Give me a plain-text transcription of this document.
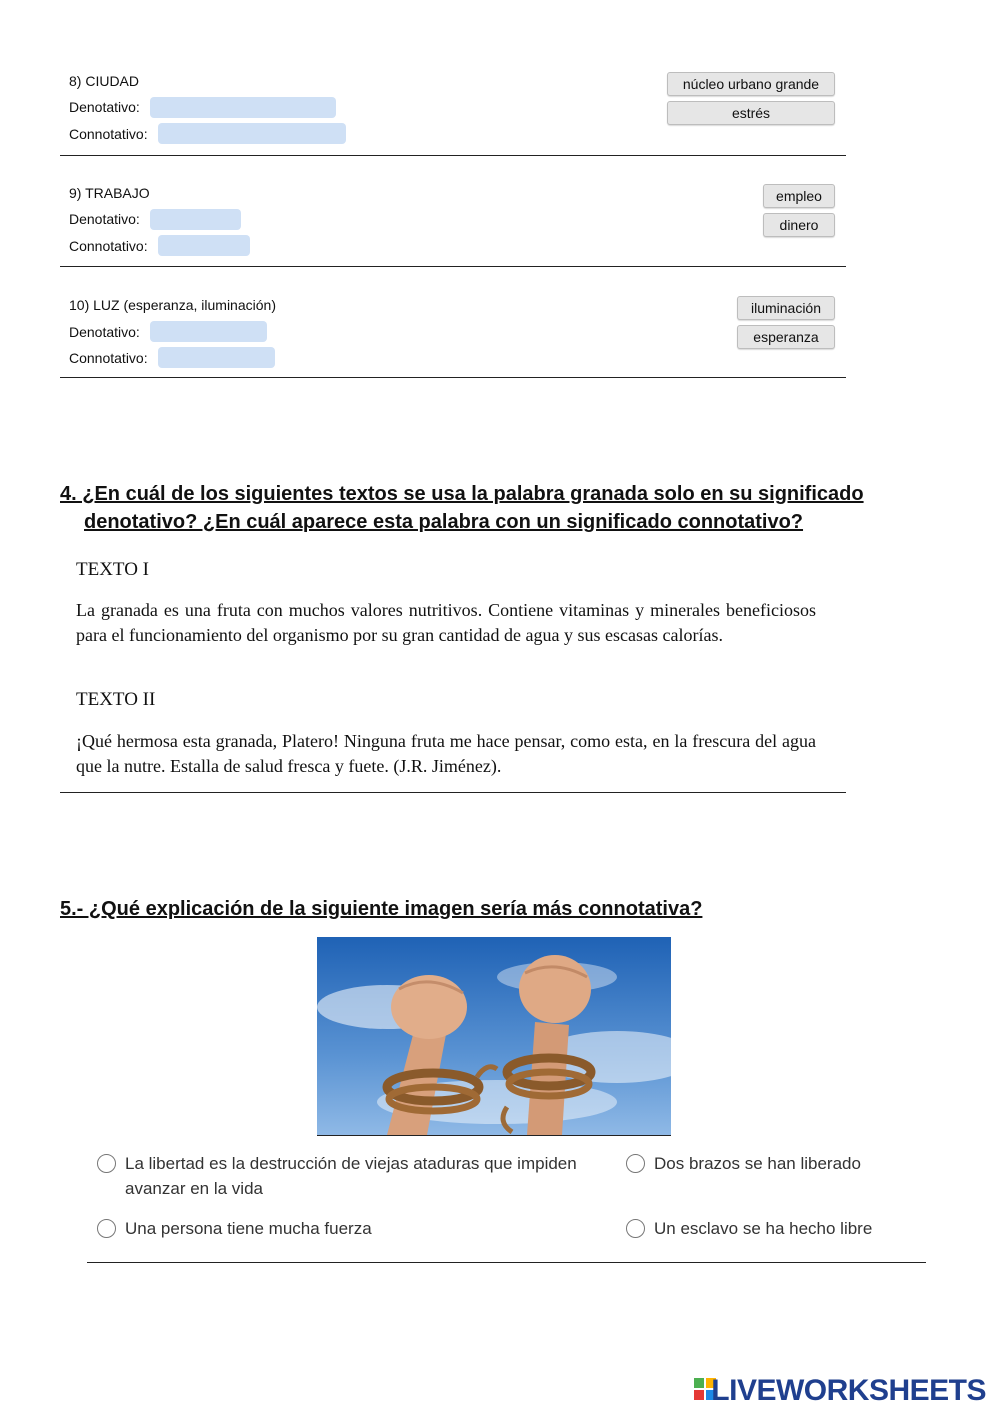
8) CIUDAD
Denotativo:
Connotativo:
núcleo urbano grande
estrés
9) TRABAJO
Denotativo:
Connotativo:
empleo
dinero
10) LUZ (esperanza, iluminación)
Denotativo:
Connotativo:
iluminación
esperanza
4. ¿En cuál de los siguientes textos se usa la palabra granada solo en su significado
denotativo? ¿En cuál aparece esta palabra con un significado connotativo?
TEXTO I
La granada es una fruta con muchos valores nutritivos. Contiene vitaminas y minerales beneficiosos para el funcionamiento del organismo por su gran cantidad de agua y sus escasas calorías.
TEXTO II
¡Qué hermosa esta granada, Platero! Ninguna fruta me hace pensar, como esta, en la frescura del agua que la nutre. Estalla de salud fresca y fuete. (J.R. Jiménez).
5.- ¿Qué explicación de la siguiente imagen sería más connotativa?
La libertad es la destrucción de viejas ataduras que impiden avanzar en la vida
Dos brazos se han liberado
Una persona tiene mucha fuerza	Un esclavo se ha hecho libre
LIVEWORKSHEETS
